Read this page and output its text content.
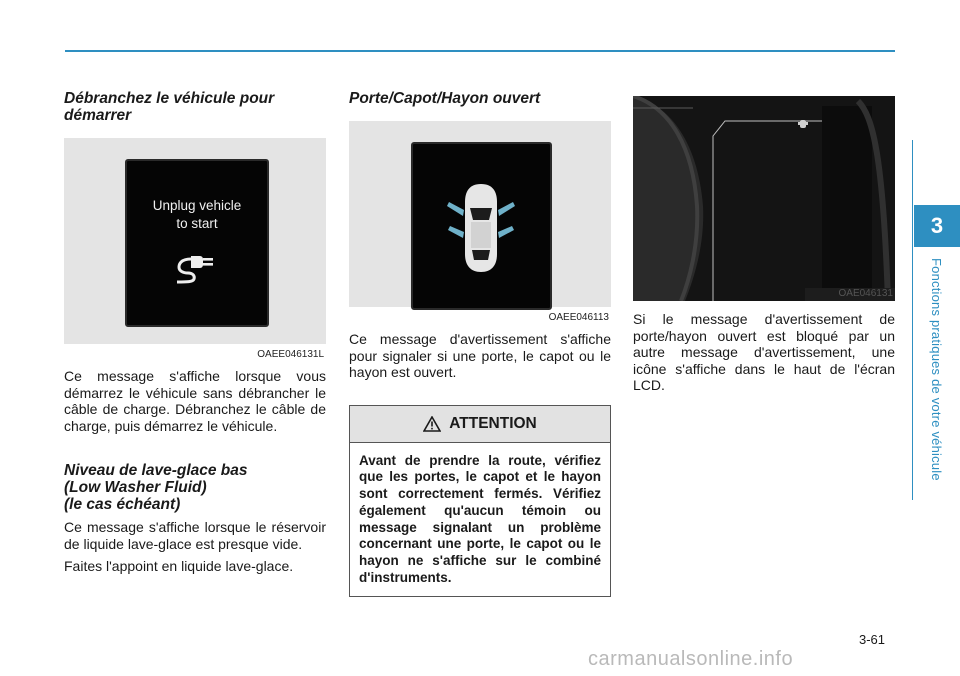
3
Fonctions pratiques de votre véhicule
Débranchez le véhicule pour démarrer
Unplug vehicle
to start
OAEE046131L

Ce message s'affiche lorsque vous démarrez le véhicule sans débrancher le câble de charge. Débranchez le câble de charge, puis démarrez le véhicule.

Niveau de lave-glace bas
(Low Washer Fluid)
(le cas échéant)

Ce message s'affiche lorsque le réservoir de liquide lave-glace est presque vide.

Faites l'appoint en liquide lave-glace.

Porte/Capot/Hayon ouvert
OAEE046113

Ce message d'avertissement s'affiche pour signaler si une porte, le capot ou le hayon est ouvert.

ATTENTION
Avant de prendre la route, vérifiez que les portes, le capot et le hayon sont correctement fermés. Vérifiez également qu'aucun témoin ou message signalant un problème concernant une porte, le capot ou le hayon ne s'affiche sur le combiné d'instruments.
OAE046131

Si le message d'avertissement de porte/hayon ouvert est bloqué par un autre message d'avertissement, une icône s'affiche dans le haut de l'écran LCD.

3-61
carmanualsonline.info
